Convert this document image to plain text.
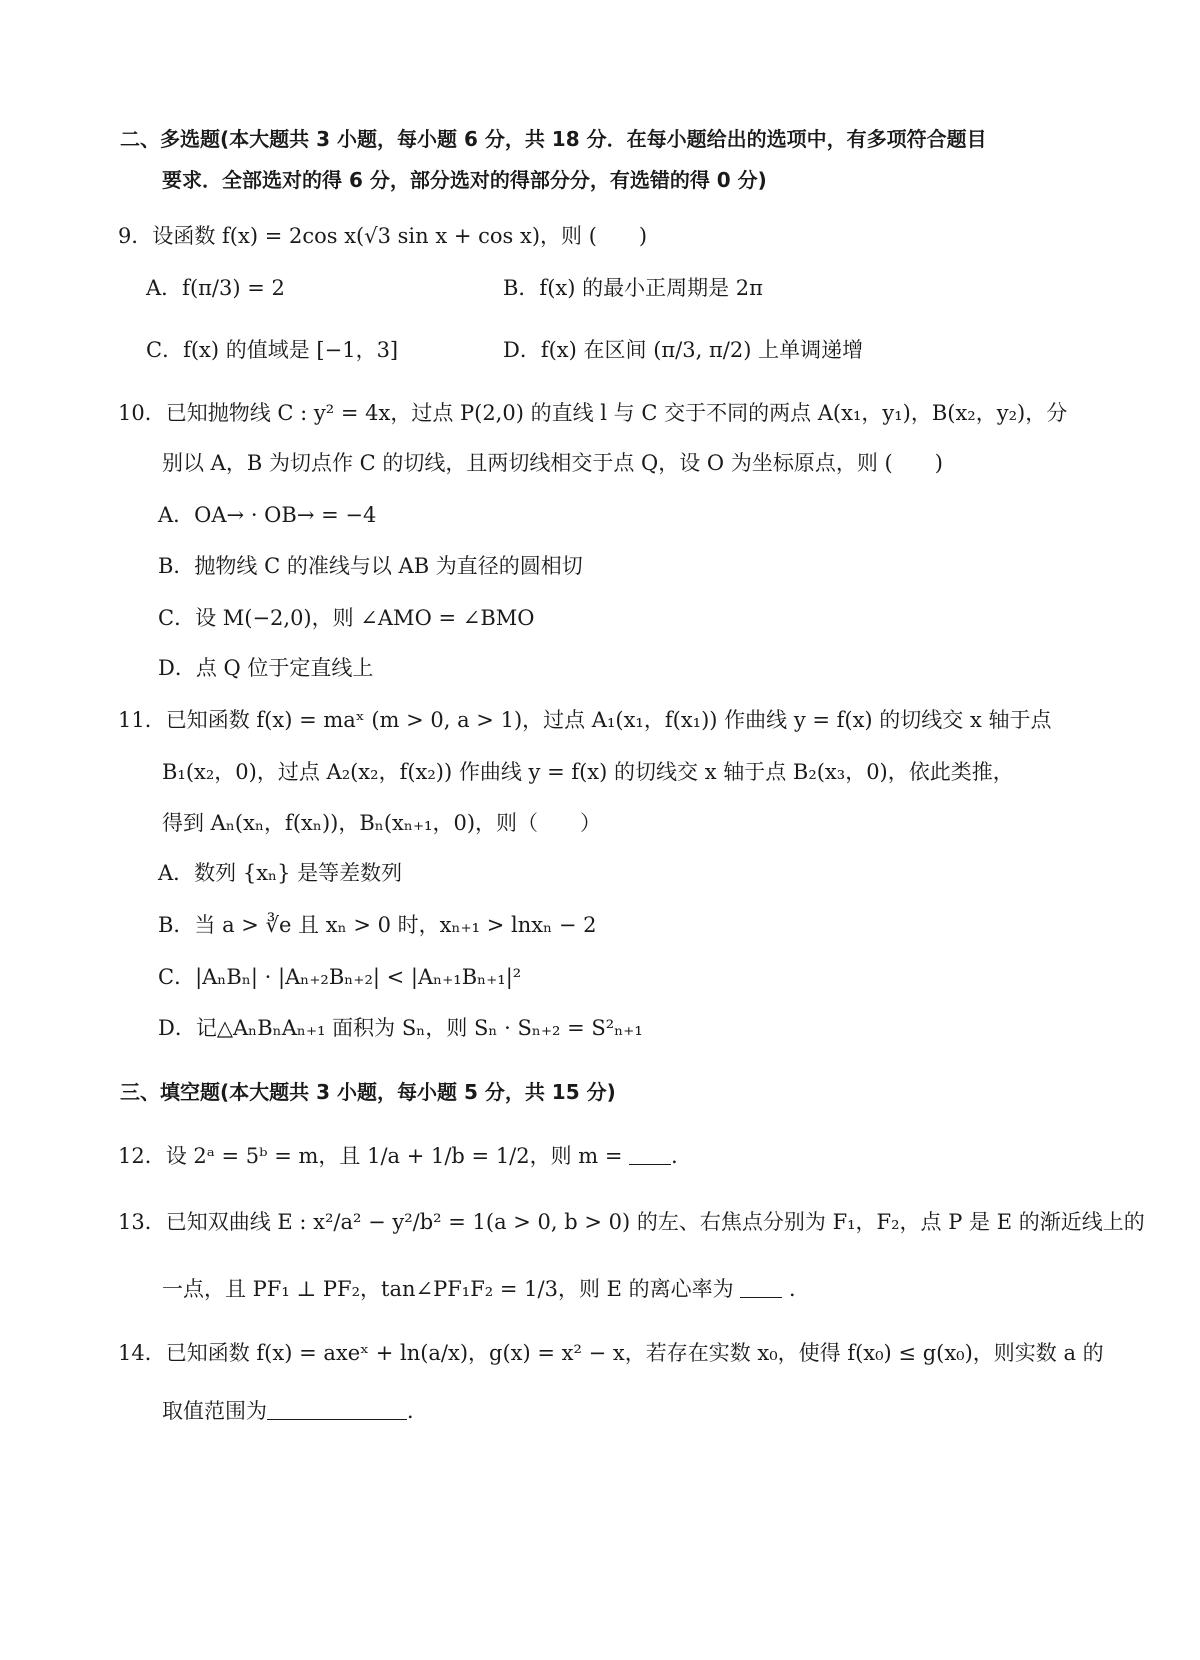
二、多选题(本大题共 3 小题，每小题 6 分，共 18 分．在每小题给出的选项中，有多项符合题目
要求．全部选对的得 6 分，部分选对的得部分分，有选错的得 0 分)
9．设函数 f(x) = 2cos x(√3 sin x + cos x)，则 (　　)
A．f(π/3) = 2	B．f(x) 的最小正周期是 2π
C．f(x) 的值域是 [−1，3]	D．f(x) 在区间 (π/3, π/2) 上单调递增
10．已知抛物线 C : y² = 4x，过点 P(2,0) 的直线 l 与 C 交于不同的两点 A(x₁，y₁)，B(x₂，y₂)，分
别以 A，B 为切点作 C 的切线，且两切线相交于点 Q，设 O 为坐标原点，则 (　　)
A．OA→ · OB→ = −4
B．抛物线 C 的准线与以 AB 为直径的圆相切
C．设 M(−2,0)，则 ∠AMO = ∠BMO
D．点 Q 位于定直线上
11．已知函数 f(x) = maˣ (m > 0, a > 1)，过点 A₁(x₁，f(x₁)) 作曲线 y = f(x) 的切线交 x 轴于点
B₁(x₂，0)，过点 A₂(x₂，f(x₂)) 作曲线 y = f(x) 的切线交 x 轴于点 B₂(x₃，0)，依此类推，
得到 Aₙ(xₙ，f(xₙ))，Bₙ(xₙ₊₁，0)，则（　　）
A．数列 {xₙ} 是等差数列
B．当 a > ∛e 且 xₙ > 0 时，xₙ₊₁ > lnxₙ − 2
C．|AₙBₙ| · |Aₙ₊₂Bₙ₊₂| < |Aₙ₊₁Bₙ₊₁|²
D．记△AₙBₙAₙ₊₁ 面积为 Sₙ，则 Sₙ · Sₙ₊₂ = S²ₙ₊₁
三、填空题(本大题共 3 小题，每小题 5 分，共 15 分)
12．设 2ᵃ = 5ᵇ = m，且 1/a + 1/b = 1/2，则 m = ．
13．已知双曲线 E : x²/a² − y²/b² = 1(a > 0, b > 0) 的左、右焦点分别为 F₁，F₂，点 P 是 E 的渐近线上的
一点，且 PF₁ ⊥ PF₂，tan∠PF₁F₂ = 1/3，则 E 的离心率为	．
14．已知函数 f(x) = axeˣ + ln(a/x)，g(x) = x² − x，若存在实数 x₀，使得 f(x₀) ≤ g(x₀)，则实数 a 的
取值范围为	．
